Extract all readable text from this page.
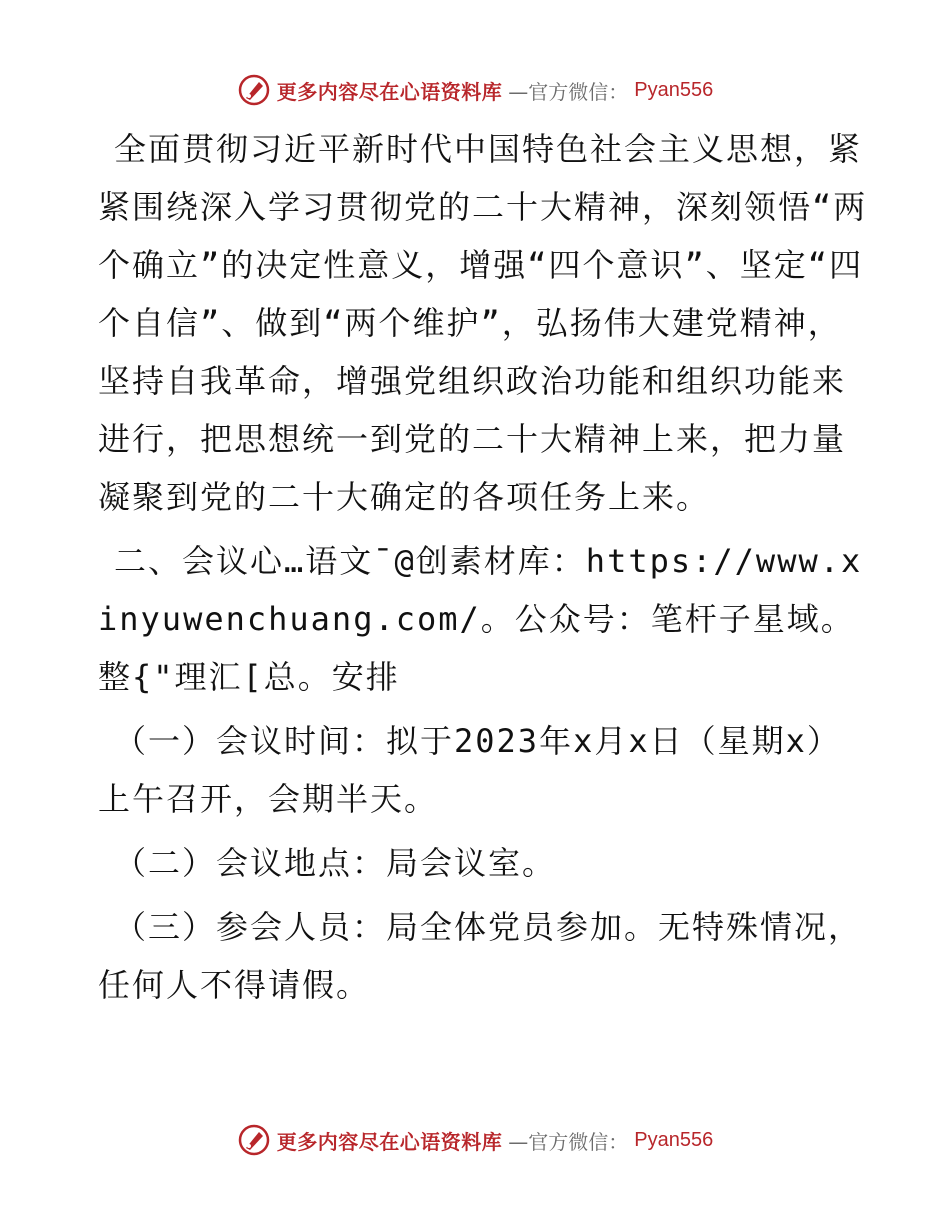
更多内容尽在心语资料库 —官方微信： Pyan556

全面贯彻习近平新时代中国特色社会主义思想，紧紧围绕深入学习贯彻党的二十大精神，深刻领悟“两个确立”的决定性意义，增强“四个意识”、坚定“四个自信”、做到“两个维护”，弘扬伟大建党精神，坚持自我革命，增强党组织政治功能和组织功能来进行，把思想统一到党的二十大精神上来，把力量凝聚到党的二十大确定的各项任务上来。

二、会议心…语文¯@创素材库：https://www.xinyuwenchuang.com/。公众号：笔杆子星域。整{"理汇[总。安排

（一）会议时间：拟于2023年x月x日（星期x）上午召开，会期半天。

（二）会议地点：局会议室。

（三）参会人员：局全体党员参加。无特殊情况，任何人不得请假。

更多内容尽在心语资料库 —官方微信： Pyan556
